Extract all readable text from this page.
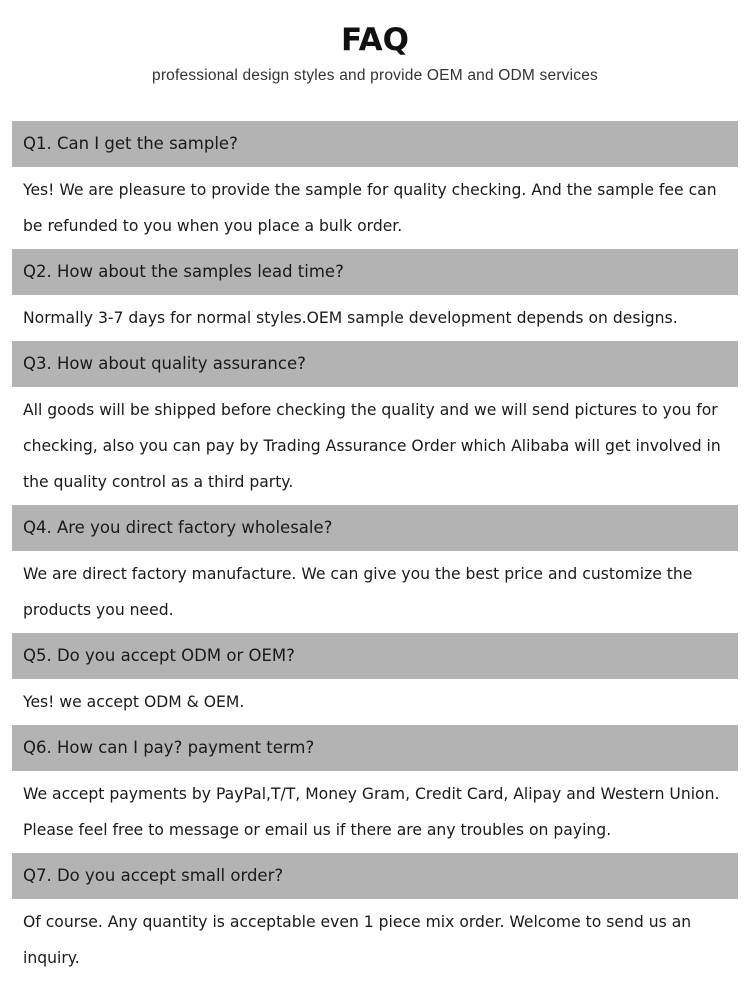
FAQ
professional design styles and provide OEM and ODM services
Q1. Can I get the sample?
Yes! We are pleasure to provide the sample for quality checking. And the sample fee can be refunded to you when you place a bulk order.
Q2. How about the samples lead time?
Normally 3-7 days for normal styles.OEM sample development depends on designs.
Q3. How about quality assurance?
All goods will be shipped before checking the quality and we will send pictures to you for checking, also you can pay by Trading Assurance Order which Alibaba will get involved in the quality control as a third party.
Q4. Are you direct factory wholesale?
We are direct factory manufacture. We can give you the best price and customize the products you need.
Q5. Do you accept ODM or OEM?
Yes! we accept ODM & OEM.
Q6. How can I pay? payment term?
We accept payments by PayPal,T/T, Money Gram, Credit Card, Alipay and Western Union. Please feel free to message or email us if there are any troubles on paying.
Q7. Do you accept small order?
Of course. Any quantity is acceptable even 1 piece mix order. Welcome to send us an inquiry.
